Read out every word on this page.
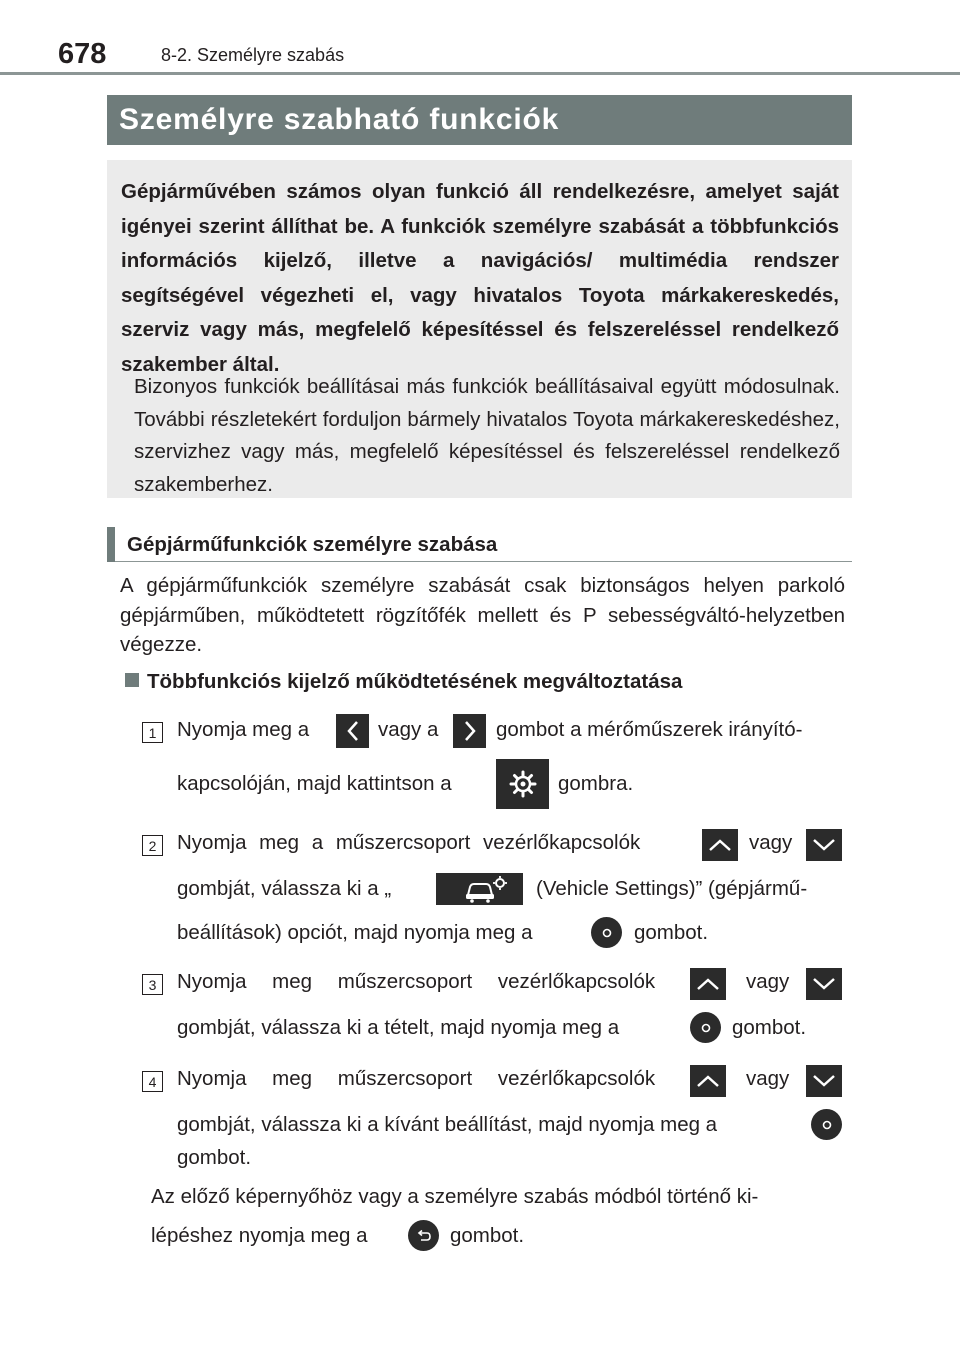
678	8-2. Személyre szabás
Személyre szabható funkciók
Gépjárművében számos olyan funkció áll rendelkezésre, amelyet saját igényei szerint állíthat be. A funkciók személyre szabását a többfunkciós információs kijelző, illetve a navigációs/ multimédia rendszer segítségével végezheti el, vagy hivatalos Toyota márkakereskedés, szerviz vagy más, megfelelő képesítéssel és felszereléssel rendelkező szakember által.
Bizonyos funkciók beállításai más funkciók beállításaival együtt módosulnak. További részletekért forduljon bármely hivatalos Toyota márkakereskedéshez, szervizhez vagy más, megfelelő képesítéssel és felszereléssel rendelkező szakemberhez.
Gépjárműfunkciók személyre szabása
A gépjárműfunkciók személyre szabását csak biztonságos helyen parkoló gépjárműben, működtetett rögzítőfék mellett és P sebességváltó-helyzetben végezze.
Többfunkciós kijelző működtetésének megváltoztatása
1	Nyomja meg a	vagy a	gombot a mérőműszerek irányító-
kapcsolóján, majd kattintson a	gombra.
2	Nyomja meg a műszercsoport vezérlőkapcsolók	vagy
gombját, válassza ki a „	(Vehicle Settings)” (gépjármű-
beállítások) opciót, majd nyomja meg a	gombot.
3	Nyomja meg műszercsoport vezérlőkapcsolók	vagy
gombját, válassza ki a tételt, majd nyomja meg a	gombot.
4	Nyomja meg műszercsoport vezérlőkapcsolók	vagy
gombját, válassza ki a kívánt beállítást, majd nyomja meg a
gombot.
Az előző képernyőhöz vagy a személyre szabás módból történő ki-
lépéshez nyomja meg a	gombot.
